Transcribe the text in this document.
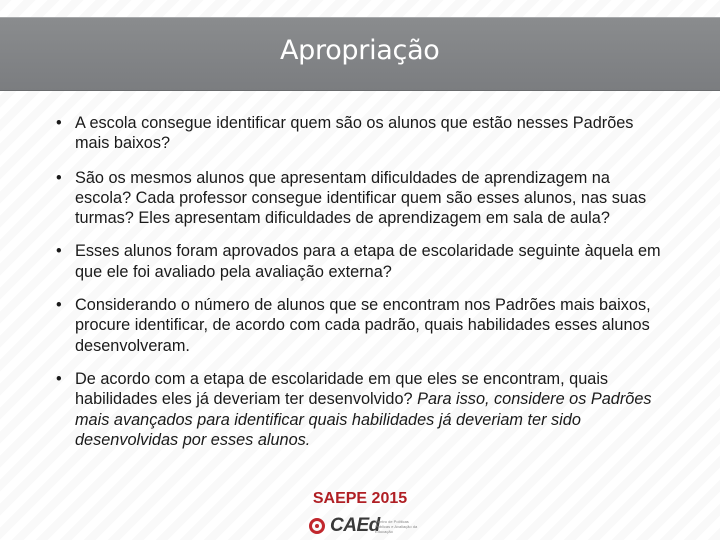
Apropriação
• A escola consegue identificar quem são os alunos que estão nesses Padrões mais baixos?
• São os mesmos alunos que apresentam dificuldades de aprendizagem na escola? Cada professor consegue identificar quem são esses alunos, nas suas turmas? Eles apresentam dificuldades de aprendizagem em sala de aula?
• Esses alunos foram aprovados para a etapa de escolaridade seguinte àquela em que ele foi avaliado pela avaliação externa?
• Considerando o número de alunos que se encontram nos Padrões mais baixos, procure identificar, de acordo com cada padrão, quais habilidades esses alunos desenvolveram.
• De acordo com a etapa de escolaridade em que eles se encontram, quais habilidades eles já deveriam ter desenvolvido? Para isso, considere os Padrões mais avançados para identificar quais habilidades já deveriam ter sido desenvolvidas por esses alunos.
SAEPE 2015
CAEd
Centro de Políticas Públicas e Avaliação da Educação
